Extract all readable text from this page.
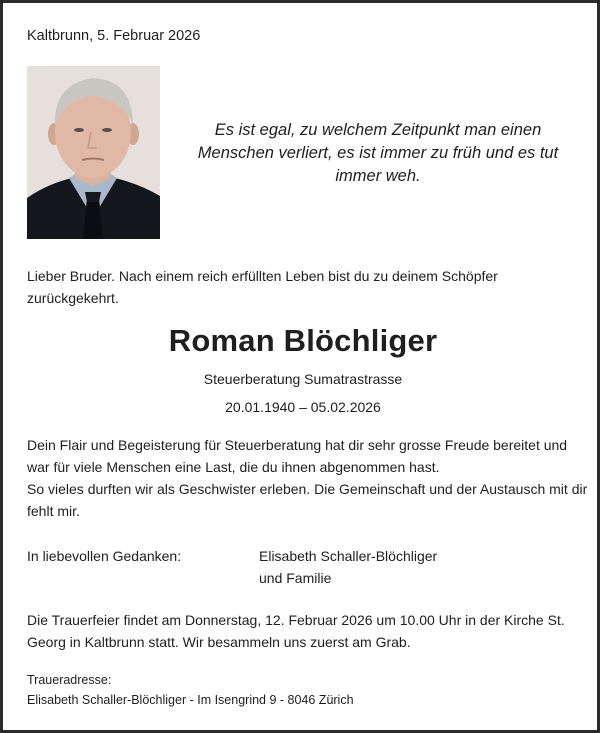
Kaltbrunn, 5. Februar 2026
Es ist egal, zu welchem Zeitpunkt man einen
Menschen verliert, es ist immer zu früh und es tut
immer weh.
Lieber Bruder. Nach einem reich erfüllten Leben bist du zu deinem Schöpfer zurückgekehrt.
Roman Blöchliger
Steuerberatung Sumatrastrasse
20.01.1940 – 05.02.2026

Dein Flair und Begeisterung für Steuerberatung hat dir sehr grosse Freude bereitet und war für viele Menschen eine Last, die du ihnen abgenommen hast.

So vieles durften wir als Geschwister erleben. Die Gemeinschaft und der Austausch mit dir fehlt mir.

In liebevollen Gedanken:	Elisabeth Schaller-Blöchliger
und Familie
Die Trauerfeier findet am Donnerstag, 12. Februar 2026 um 10.00 Uhr in der Kirche St. Georg in Kaltbrunn statt. Wir besammeln uns zuerst am Grab.
Traueradresse:
Elisabeth Schaller-Blöchliger - Im Isengrind 9 - 8046 Zürich
